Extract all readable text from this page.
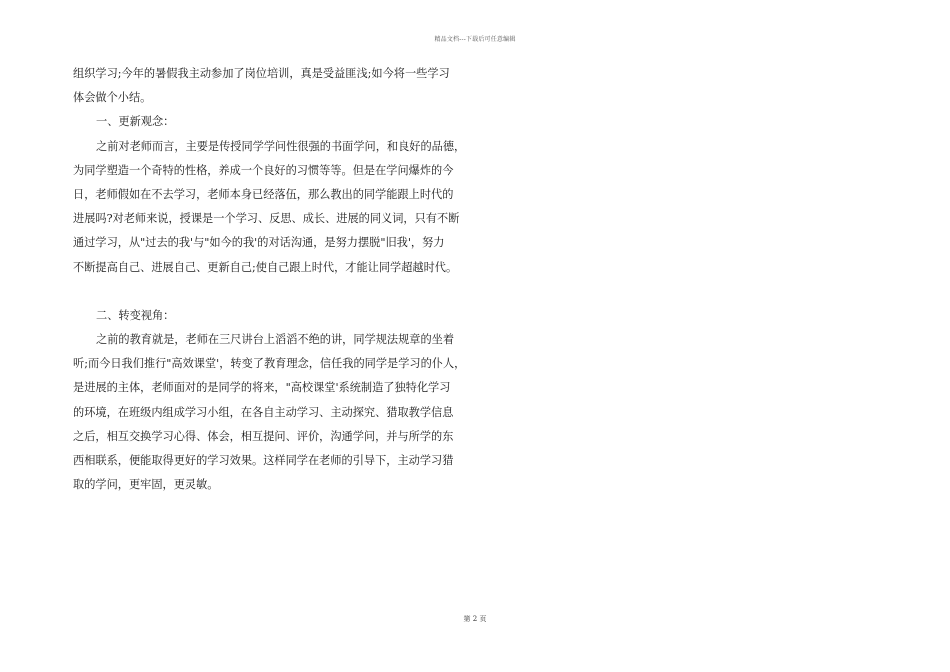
精品文档---下载后可任意编辑
组织学习;今年的暑假我主动参加了岗位培训，真是受益匪浅;如今将一些学习
体会做个小结。
一、更新观念：
之前对老师而言，主要是传授同学学问性很强的书面学问，和良好的品德，
为同学塑造一个奇特的性格，养成一个良好的习惯等等。但是在学问爆炸的今
日，老师假如在不去学习，老师本身已经落伍，那么教出的同学能跟上时代的
进展吗?对老师来说，授课是一个学习、反思、成长、进展的同义词，只有不断
通过学习，从"过去的我'与"如今的我'的对话沟通，是努力摆脱"旧我'，努力
不断提高自己、进展自己、更新自己;使自己跟上时代，才能让同学超越时代。
二、转变视角：
之前的教育就是，老师在三尺讲台上滔滔不绝的讲，同学规法规章的坐着
听;而今日我们推行"高效课堂'，转变了教育理念，信任我的同学是学习的仆人，
是进展的主体，老师面对的是同学的将来，"高校课堂'系统制造了独特化学习
的环境，在班级内组成学习小组，在各自主动学习、主动探究、猎取教学信息
之后，相互交换学习心得、体会，相互提问、评价，沟通学问，并与所学的东
西相联系，便能取得更好的学习效果。这样同学在老师的引导下，主动学习猎
取的学问，更牢固，更灵敏。
第 2 页
